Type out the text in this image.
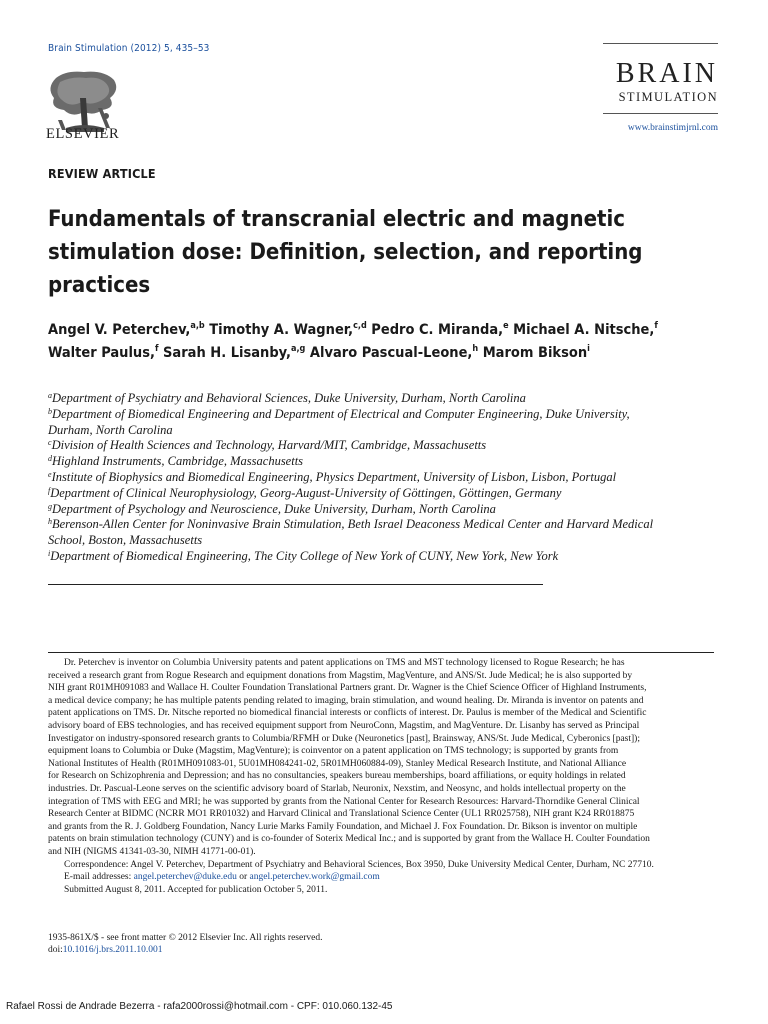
Brain Stimulation (2012) 5, 435–53
ELSEVIER
BRAIN
STIMULATION
www.brainstimjrnl.com
REVIEW ARTICLE
Fundamentals of transcranial electric and magnetic
stimulation dose: Definition, selection, and reporting
practices
Angel V. Peterchev,$^{a,b}$ Timothy A. Wagner,$^{c,d}$ Pedro C. Miranda,$^e$ Michael A. Nitsche,$^f$
Walter Paulus,$^f$ Sarah H. Lisanby,$^{a,g}$ Alvaro Pascual-Leone,$^h$ Marom Bikson$^i$
$^a$Department of Psychiatry and Behavioral Sciences, Duke University, Durham, North Carolina
$^b$Department of Biomedical Engineering and Department of Electrical and Computer Engineering, Duke University,
Durham, North Carolina
$^c$Division of Health Sciences and Technology, Harvard/MIT, Cambridge, Massachusetts
$^d$Highland Instruments, Cambridge, Massachusetts
$^e$Institute of Biophysics and Biomedical Engineering, Physics Department, University of Lisbon, Lisbon, Portugal
$^f$Department of Clinical Neurophysiology, Georg-August-University of Göttingen, Göttingen, Germany
$^g$Department of Psychology and Neuroscience, Duke University, Durham, North Carolina
$^h$Berenson-Allen Center for Noninvasive Brain Stimulation, Beth Israel Deaconess Medical Center and Harvard Medical
School, Boston, Massachusetts
$^i$Department of Biomedical Engineering, The City College of New York of CUNY, New York, New York
Dr. Peterchev is inventor on Columbia University patents and patent applications on TMS and MST technology licensed to Rogue Research; he has
received a research grant from Rogue Research and equipment donations from Magstim, MagVenture, and ANS/St. Jude Medical; he is also supported by
NIH grant R01MH091083 and Wallace H. Coulter Foundation Translational Partners grant. Dr. Wagner is the Chief Science Officer of Highland Instruments,
a medical device company; he has multiple patents pending related to imaging, brain stimulation, and wound healing. Dr. Miranda is inventor on patents and
patent applications on TMS. Dr. Nitsche reported no biomedical financial interests or conflicts of interest. Dr. Paulus is member of the Medical and Scientific
advisory board of EBS technologies, and has received equipment support from NeuroConn, Magstim, and MagVenture. Dr. Lisanby has served as Principal
Investigator on industry-sponsored research grants to Columbia/RFMH or Duke (Neuronetics [past], Brainsway, ANS/St. Jude Medical, Cyberonics [past]);
equipment loans to Columbia or Duke (Magstim, MagVenture); is coinventor on a patent application on TMS technology; is supported by grants from
National Institutes of Health (R01MH091083-01, 5U01MH084241-02, 5R01MH060884-09), Stanley Medical Research Institute, and National Alliance
for Research on Schizophrenia and Depression; and has no consultancies, speakers bureau memberships, board affiliations, or equity holdings in related
industries. Dr. Pascual-Leone serves on the scientific advisory board of Starlab, Neuronix, Nexstim, and Neosync, and holds intellectual property on the
integration of TMS with EEG and MRI; he was supported by grants from the National Center for Research Resources: Harvard-Thorndike General Clinical
Research Center at BIDMC (NCRR MO1 RR01032) and Harvard Clinical and Translational Science Center (UL1 RR025758), NIH grant K24 RR018875
and grants from the R. J. Goldberg Foundation, Nancy Lurie Marks Family Foundation, and Michael J. Fox Foundation. Dr. Bikson is inventor on multiple
patents on brain stimulation technology (CUNY) and is co-founder of Soterix Medical Inc.; and is supported by grant from the Wallace H. Coulter Foundation
and NIH (NIGMS 41341-03-30, NIMH 41771-00-01).
Correspondence: Angel V. Peterchev, Department of Psychiatry and Behavioral Sciences, Box 3950, Duke University Medical Center, Durham, NC 27710.
E-mail addresses: angel.peterchev@duke.edu or angel.peterchev.work@gmail.com
Submitted August 8, 2011. Accepted for publication October 5, 2011.
1935-861X/$ - see front matter © 2012 Elsevier Inc. All rights reserved.
doi:10.1016/j.brs.2011.10.001
Rafael Rossi de Andrade Bezerra - rafa2000rossi@hotmail.com - CPF: 010.060.132-45
